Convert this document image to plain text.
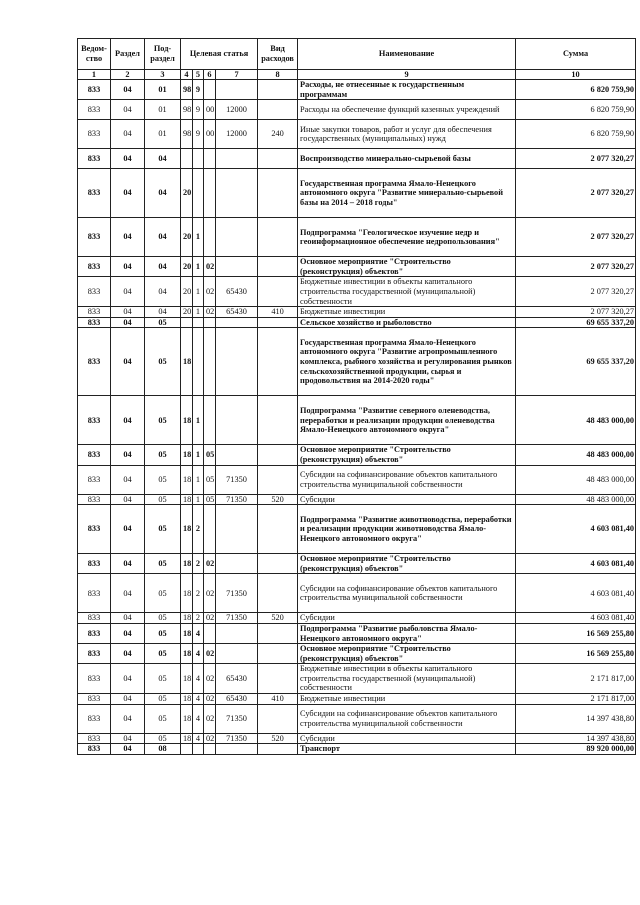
Ведом-ство	Раздел	Под-раздел	Целевая статья				Вид расходов	Наименование	Сумма
1	2	3	4	5	6	7	8	9	10
833	04	01	98	9				Расходы, не отнесенные к государственным программам	6 820 759,90
833	04	01	98	9	00	12000		Расходы на обеспечение функций казенных учреждений	6 820 759,90
833	04	01	98	9	00	12000	240	Иные закупки товаров, работ и услуг для обеспечения государственных (муниципальных) нужд	6 820 759,90
833	04	04						Воспроизводство минерально-сырьевой базы	2 077 320,27
833	04	04	20					Государственная программа Ямало-Ненецкого автономного округа "Развитие минерально-сырьевой базы на 2014 – 2018 годы"	2 077 320,27
833	04	04	20	1				Подпрограмма "Геологическое изучение недр и геоинформационное обеспечение недропользования"	2 077 320,27
833	04	04	20	1	02			Основное мероприятие "Строительство (реконструкция) объектов"	2 077 320,27
833	04	04	20	1	02	65430		Бюджетные инвестиции в объекты капитального строительства государственной (муниципальной) собственности	2 077 320,27
833	04	04	20	1	02	65430	410	Бюджетные инвестиции	2 077 320,27
833	04	05						Сельское хозяйство и рыболовство	69 655 337,20
833	04	05	18					Государственная программа Ямало-Ненецкого автономного округа "Развитие агропромышленного комплекса, рыбного хозяйства и регулирования рынков сельскохозяйственной продукции, сырья и продовольствия на 2014-2020 годы"	69 655 337,20
833	04	05	18	1				Подпрограмма "Развитие северного оленеводства, переработки и реализации продукции оленеводства Ямало-Ненецкого автономного округа"	48 483 000,00
833	04	05	18	1	05			Основное мероприятие "Строительство (реконструкция) объектов"	48 483 000,00
833	04	05	18	1	05	71350		Субсидии на софинансирование объектов капитального строительства муниципальной собственности	48 483 000,00
833	04	05	18	1	05	71350	520	Субсидии	48 483 000,00
833	04	05	18	2				Подпрограмма "Развитие животноводства, переработки и реализации продукции животноводства Ямало-Ненецкого автономного округа"	4 603 081,40
833	04	05	18	2	02			Основное мероприятие "Строительство (реконструкция) объектов"	4 603 081,40
833	04	05	18	2	02	71350		Субсидии на софинансирование объектов капитального строительства муниципальной собственности	4 603 081,40
833	04	05	18	2	02	71350	520	Субсидии	4 603 081,40
833	04	05	18	4				Подпрограмма "Развитие рыболовства Ямало-Ненецкого автономного округа"	16 569 255,80
833	04	05	18	4	02			Основное мероприятие "Строительство (реконструкция) объектов"	16 569 255,80
833	04	05	18	4	02	65430		Бюджетные инвестиции в объекты капитального строительства государственной (муниципальной) собственности	2 171 817,00
833	04	05	18	4	02	65430	410	Бюджетные инвестиции	2 171 817,00
833	04	05	18	4	02	71350		Субсидии на софинансирование объектов капитального строительства муниципальной собственности	14 397 438,80
833	04	05	18	4	02	71350	520	Субсидии	14 397 438,80
833	04	08						Транспорт	89 920 000,00
